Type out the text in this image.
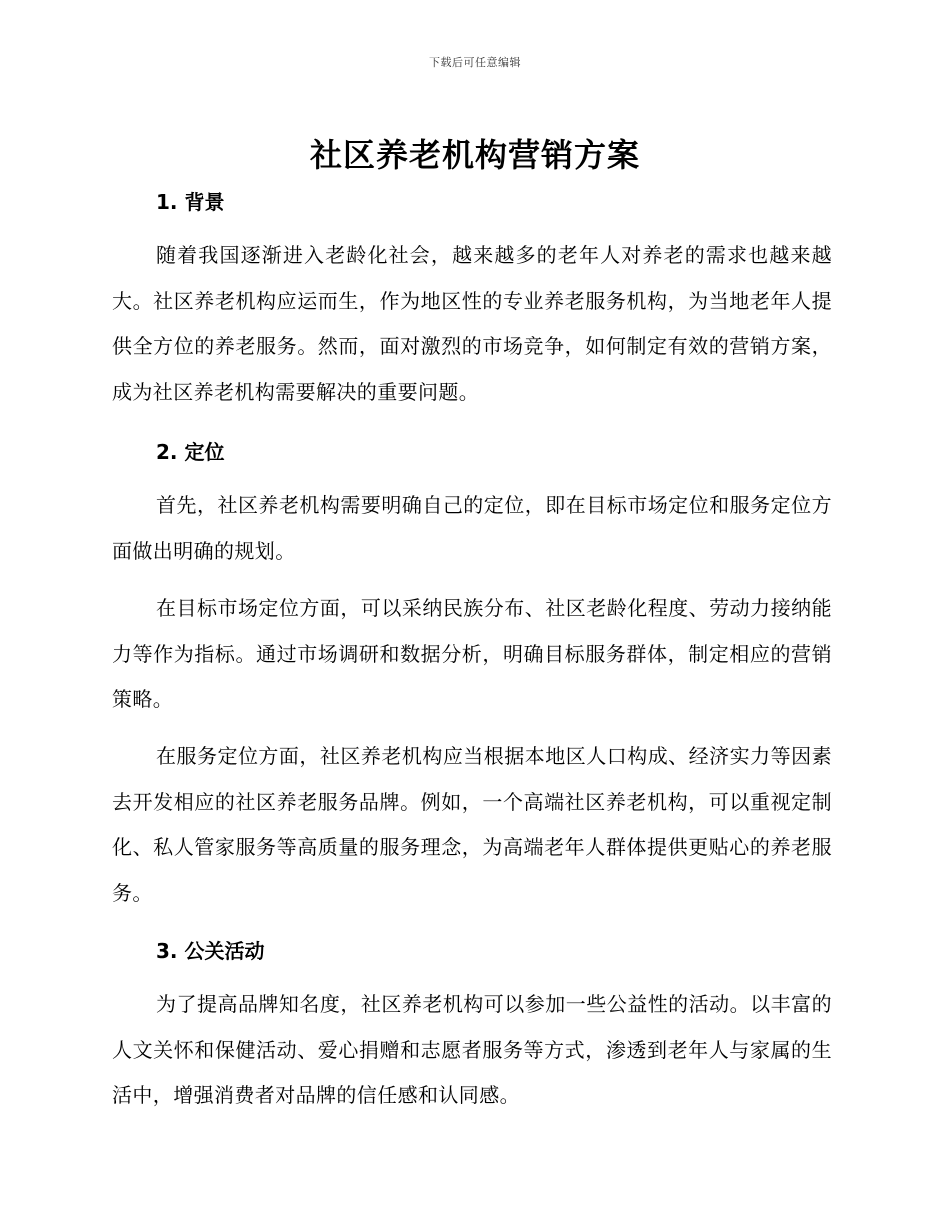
下载后可任意编辑
社区养老机构营销方案
1. 背景

随着我国逐渐进入老龄化社会，越来越多的老年人对养老的需求也越来越大。社区养老机构应运而生，作为地区性的专业养老服务机构，为当地老年人提供全方位的养老服务。然而，面对激烈的市场竞争，如何制定有效的营销方案，成为社区养老机构需要解决的重要问题。

2. 定位

首先，社区养老机构需要明确自己的定位，即在目标市场定位和服务定位方面做出明确的规划。

在目标市场定位方面，可以采纳民族分布、社区老龄化程度、劳动力接纳能力等作为指标。通过市场调研和数据分析，明确目标服务群体，制定相应的营销策略。

在服务定位方面，社区养老机构应当根据本地区人口构成、经济实力等因素去开发相应的社区养老服务品牌。例如，一个高端社区养老机构，可以重视定制化、私人管家服务等高质量的服务理念，为高端老年人群体提供更贴心的养老服务。

3. 公关活动

为了提高品牌知名度，社区养老机构可以参加一些公益性的活动。以丰富的人文关怀和保健活动、爱心捐赠和志愿者服务等方式，渗透到老年人与家属的生活中，增强消费者对品牌的信任感和认同感。
